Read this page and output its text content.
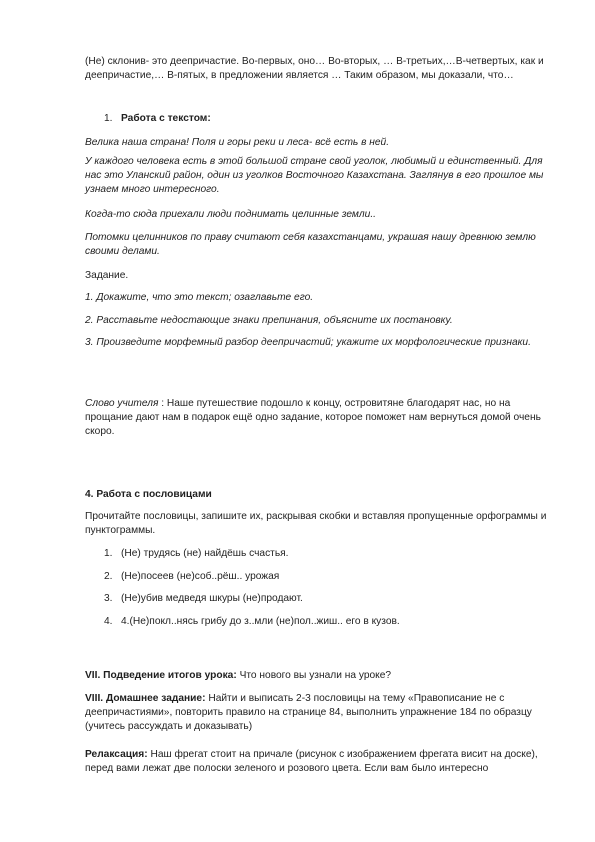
(Не) склонив- это деепричастие. Во-первых, оно… Во-вторых, … В-третьих,…В-четвертых, как и деепричастие,… В-пятых, в предложении является … Таким образом, мы доказали, что…

1. Работа с текстом:

Велика наша страна! Поля и горы реки и леса- всё есть в ней.

У каждого человека есть в этой большой стране свой уголок, любимый и единственный. Для нас это Уланский район, один из уголков Восточного Казахстана. Заглянув в его прошлое мы узнаем много интересного.

Когда-то сюда приехали люди поднимать целинные земли..

Потомки целинников по праву считают себя казахстанцами, украшая нашу древнюю землю своими делами.

Задание.

1. Докажите, что это текст; озаглавьте его.

2. Расставьте недостающие знаки препинания, объясните их постановку.

3. Произведите морфемный разбор деепричастий; укажите их морфологические признаки.

Слово учителя : Наше путешествие подошло к концу, островитяне благодарят нас, но на прощание дают нам в подарок ещё одно задание, которое поможет нам вернуться домой очень скоро.

4. Работа с пословицами

Прочитайте пословицы, запишите их, раскрывая скобки и вставляя пропущенные орфограммы и пунктограммы.

1. (Не) трудясь (не) найдёшь счастья.

2. (Не)посеев (не)соб..рёш.. урожая

3. (Не)убив медведя шкуры (не)продают.

4. 4.(Не)покл..нясь грибу до з..мли (не)пол..жиш.. его в кузов.

VII. Подведение итогов урока: Что нового вы узнали на уроке?

VIII. Домашнее задание: Найти и выписать 2-3 пословицы на тему «Правописание не с деепричастиями», повторить правило на странице 84, выполнить упражнение 184 по образцу (учитесь рассуждать и доказывать)

Релаксация: Наш фрегат стоит на причале (рисунок с изображением фрегата висит на доске), перед вами лежат две полоски зеленого и розового цвета. Если вам было интересно
